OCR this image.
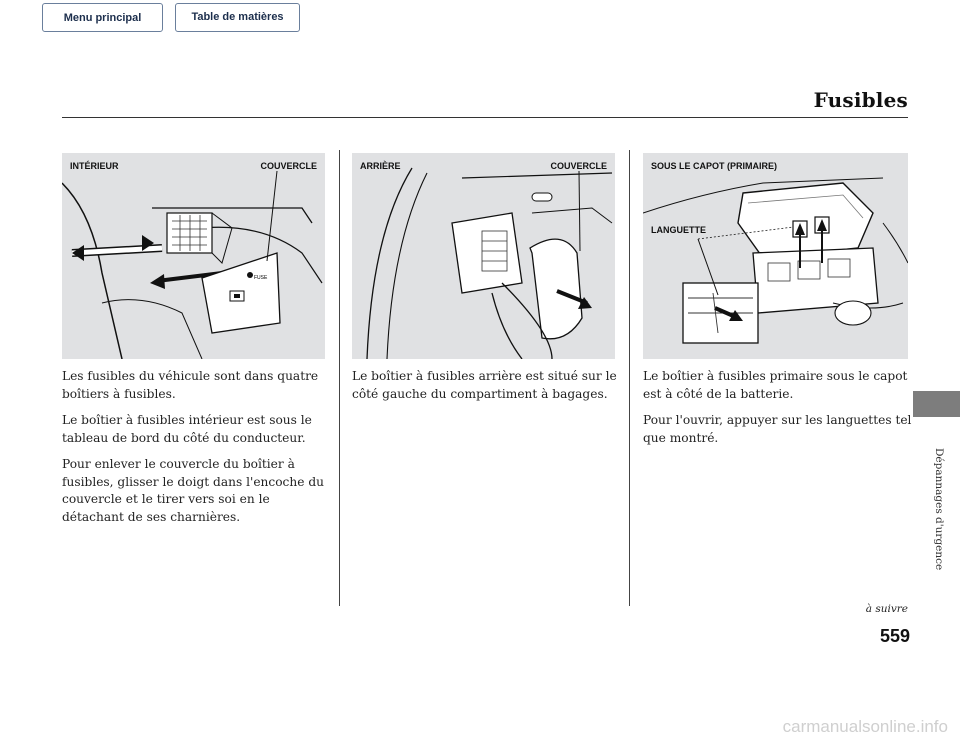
Menu principal	Table de matières
Fusibles
FUSE
INTÉRIEUR	COUVERCLE	ARRIÈRE	COUVERCLE	SOUS LE CAPOT (PRIMAIRE)
LANGUETTE

Les fusibles du véhicule sont dans quatre boîtiers à fusibles.

Le boîtier à fusibles intérieur est sous le tableau de bord du côté du conducteur.

Pour enlever le couvercle du boîtier à fusibles, glisser le doigt dans l'encoche du couvercle et le tirer vers soi en le détachant de ses charnières.

Le boîtier à fusibles arrière est situé sur le côté gauche du compartiment à bagages.

Le boîtier à fusibles primaire sous le capot est à côté de la batterie.

Pour l'ouvrir, appuyer sur les languettes tel que montré.

Dépannages d'urgence
à suivre
559
carmanualsonline.info
